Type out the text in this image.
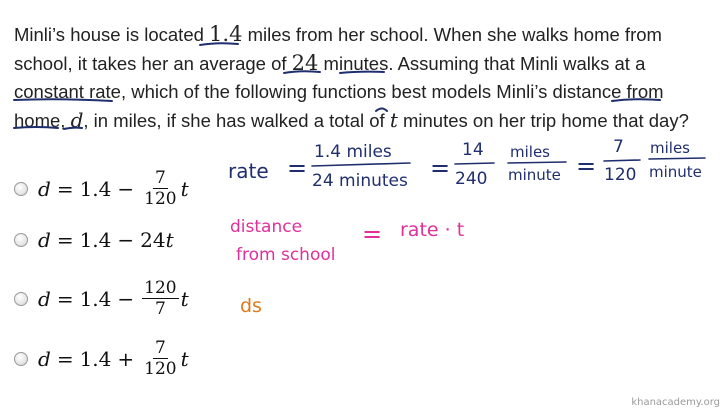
Minli’s house is located 1.4 miles from her school. When she walks home from
school, it takes her an average of 24 minutes. Assuming that Minli walks at a
constant rate, which of the following functions best models Minli’s distance from
home, d, in miles, if she has walked a total of t minutes on her trip home that day?
$d = 1.4 - \frac{7}{120}$ t
d = 1.4 − 24 t
$d = 1.4 - \frac{120}{7}$ t
$d = 1.4 + \frac{7}{120}$ t
rate =
1.4 miles
24 minutes =
14
240
miles
minute =
7
120
miles
minute
distance
from school
= rate · t
ds
khanacademy.org
